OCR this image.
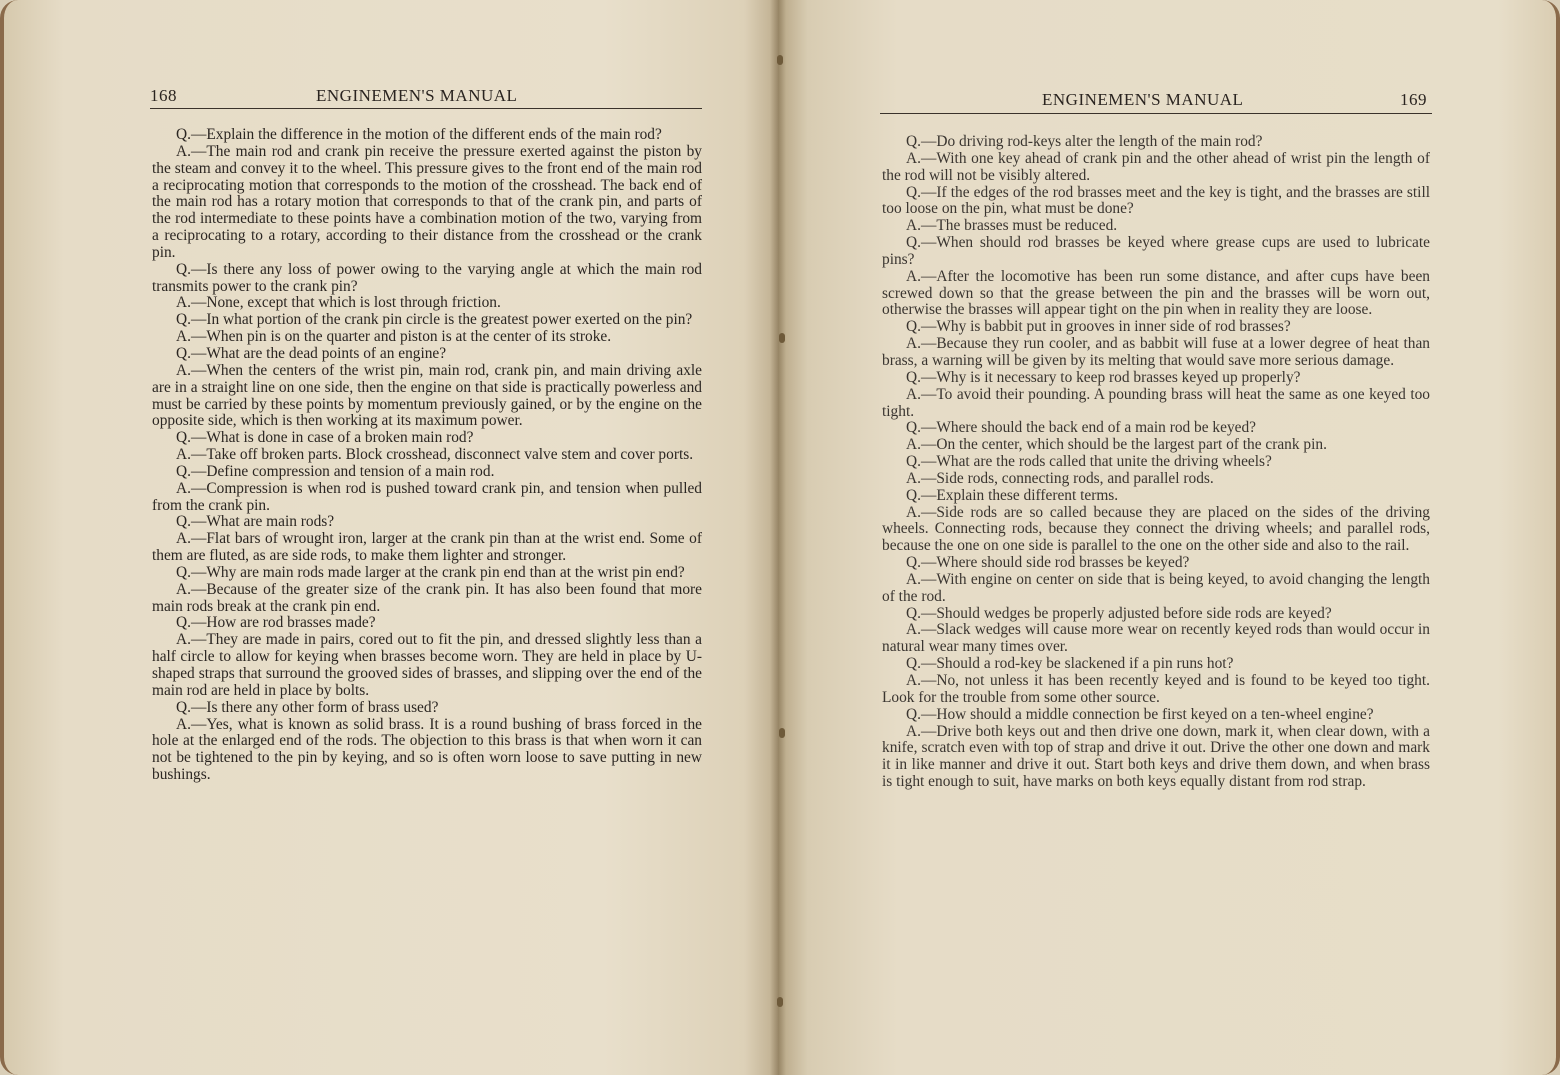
168	ENGINEMEN'S MANUAL

Q.—Explain the difference in the motion of the different ends of the main rod?

A.—The main rod and crank pin receive the pressure exerted against the piston by the steam and convey it to the wheel. This pressure gives to the front end of the main rod a reciprocating motion that corresponds to the motion of the crosshead. The back end of the main rod has a rotary motion that corresponds to that of the crank pin, and parts of the rod intermediate to these points have a combination motion of the two, varying from a reciprocating to a rotary, according to their distance from the crosshead or the crank pin.

Q.—Is there any loss of power owing to the varying angle at which the main rod transmits power to the crank pin?

A.—None, except that which is lost through friction.

Q.—In what portion of the crank pin circle is the greatest power exerted on the pin?

A.—When pin is on the quarter and piston is at the center of its stroke.

Q.—What are the dead points of an engine?

A.—When the centers of the wrist pin, main rod, crank pin, and main driving axle are in a straight line on one side, then the engine on that side is practically powerless and must be carried by these points by momentum previously gained, or by the engine on the opposite side, which is then working at its maximum power.

Q.—What is done in case of a broken main rod?

A.—Take off broken parts. Block crosshead, disconnect valve stem and cover ports.

Q.—Define compression and tension of a main rod.

A.—Compression is when rod is pushed toward crank pin, and tension when pulled from the crank pin.

Q.—What are main rods?

A.—Flat bars of wrought iron, larger at the crank pin than at the wrist end. Some of them are fluted, as are side rods, to make them lighter and stronger.

Q.—Why are main rods made larger at the crank pin end than at the wrist pin end?

A.—Because of the greater size of the crank pin. It has also been found that more main rods break at the crank pin end.

Q.—How are rod brasses made?

A.—They are made in pairs, cored out to fit the pin, and dressed slightly less than a half circle to allow for keying when brasses become worn. They are held in place by U-shaped straps that surround the grooved sides of brasses, and slipping over the end of the main rod are held in place by bolts.

Q.—Is there any other form of brass used?

A.—Yes, what is known as solid brass. It is a round bushing of brass forced in the hole at the enlarged end of the rods. The objection to this brass is that when worn it can not be tightened to the pin by keying, and so is often worn loose to save putting in new bushings.

ENGINEMEN'S MANUAL	169

Q.—Do driving rod-keys alter the length of the main rod?

A.—With one key ahead of crank pin and the other ahead of wrist pin the length of the rod will not be visibly altered.

Q.—If the edges of the rod brasses meet and the key is tight, and the brasses are still too loose on the pin, what must be done?

A.—The brasses must be reduced.

Q.—When should rod brasses be keyed where grease cups are used to lubricate pins?

A.—After the locomotive has been run some distance, and after cups have been screwed down so that the grease between the pin and the brasses will be worn out, otherwise the brasses will appear tight on the pin when in reality they are loose.

Q.—Why is babbit put in grooves in inner side of rod brasses?

A.—Because they run cooler, and as babbit will fuse at a lower degree of heat than brass, a warning will be given by its melting that would save more serious damage.

Q.—Why is it necessary to keep rod brasses keyed up properly?

A.—To avoid their pounding. A pounding brass will heat the same as one keyed too tight.

Q.—Where should the back end of a main rod be keyed?

A.—On the center, which should be the largest part of the crank pin.

Q.—What are the rods called that unite the driving wheels?

A.—Side rods, connecting rods, and parallel rods.

Q.—Explain these different terms.

A.—Side rods are so called because they are placed on the sides of the driving wheels. Connecting rods, because they connect the driving wheels; and parallel rods, because the one on one side is parallel to the one on the other side and also to the rail.

Q.—Where should side rod brasses be keyed?

A.—With engine on center on side that is being keyed, to avoid changing the length of the rod.

Q.—Should wedges be properly adjusted before side rods are keyed?

A.—Slack wedges will cause more wear on recently keyed rods than would occur in natural wear many times over.

Q.—Should a rod-key be slackened if a pin runs hot?

A.—No, not unless it has been recently keyed and is found to be keyed too tight. Look for the trouble from some other source.

Q.—How should a middle connection be first keyed on a ten-wheel engine?

A.—Drive both keys out and then drive one down, mark it, when clear down, with a knife, scratch even with top of strap and drive it out. Drive the other one down and mark it in like manner and drive it out. Start both keys and drive them down, and when brass is tight enough to suit, have marks on both keys equally distant from rod strap.
